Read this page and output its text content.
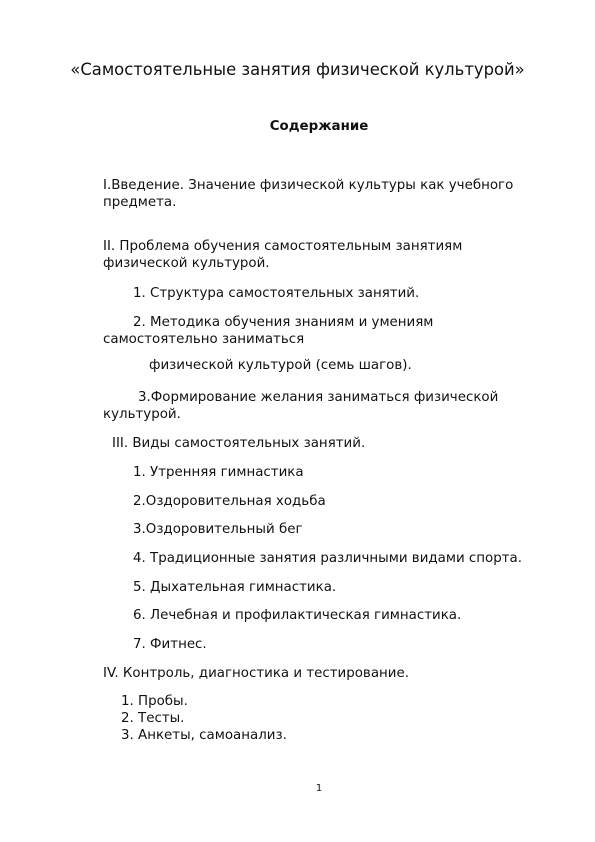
«Самостоятельные занятия физической культурой»
Содержание
I.Введение. Значение физической культуры как учебного
предмета.
II. Проблема обучения самостоятельным занятиям
физической культурой.
1. Структура самостоятельных занятий.
2. Методика обучения знаниям и умениям
самостоятельно заниматься
физической культурой (семь шагов).
3.Формирование желания заниматься физической
культурой.
III. Виды самостоятельных занятий.
1. Утренняя гимнастика
2.Оздоровительная ходьба
3.Оздоровительный бег
4. Традиционные занятия различными видами спорта.
5. Дыхательная гимнастика.
6. Лечебная и профилактическая гимнастика.
7. Фитнес.
IV. Контроль, диагностика и тестирование.
1. Пробы.
2. Тесты.
3. Анкеты, самоанализ.
1
